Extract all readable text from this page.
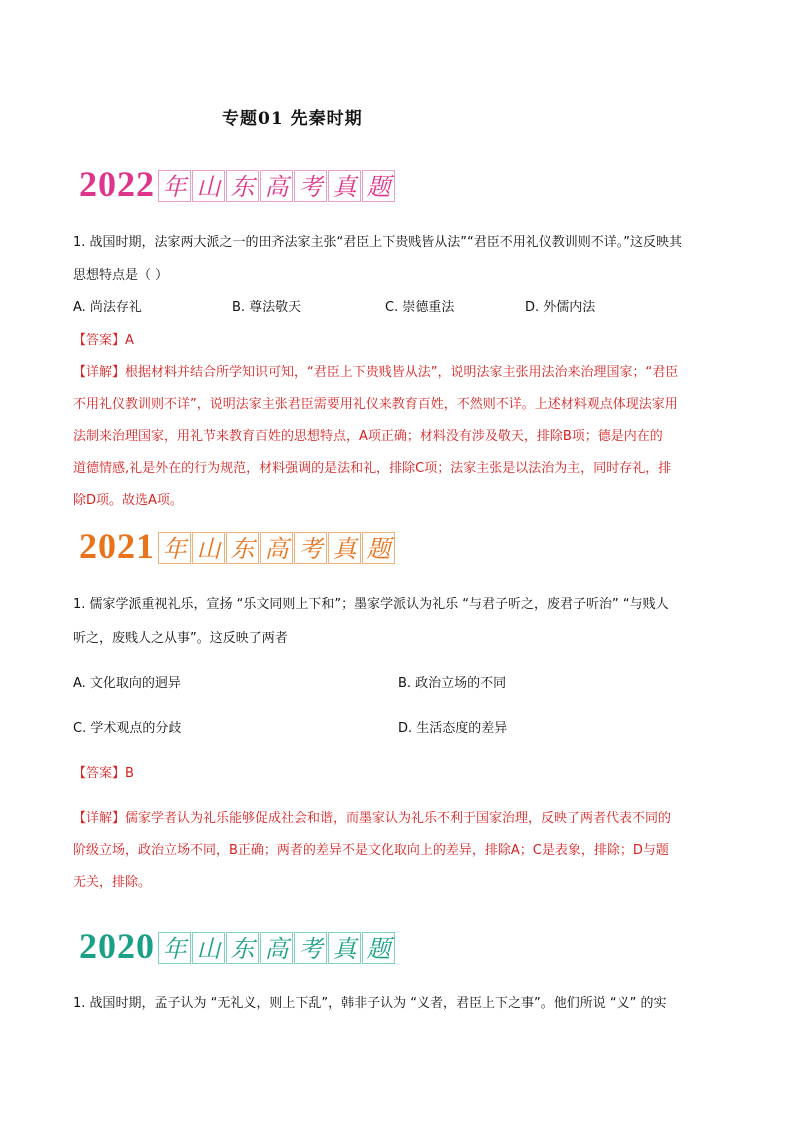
专题01 先秦时期
2022 年 山 东 高 考 真 题
1. 战国时期，法家两大派之一的田齐法家主张“君臣上下贵贱皆从法”“君臣不用礼仪教训则不详。”这反映其
思想特点是（ ）
A. 尚法存礼	B. 尊法敬天	C. 崇德重法	D. 外儒内法
【答案】A
【详解】根据材料并结合所学知识可知，“君臣上下贵贱皆从法”，说明法家主张用法治来治理国家；“君臣
不用礼仪教训则不详”，说明法家主张君臣需要用礼仪来教育百姓，不然则不详。上述材料观点体现法家用
法制来治理国家，用礼节来教育百姓的思想特点，A项正确；材料没有涉及敬天，排除B项；德是内在的
道德情感,礼是外在的行为规范，材料强调的是法和礼，排除C项；法家主张是以法治为主，同时存礼，排
除D项。故选A项。
2021 年 山 东 高 考 真 题
1. 儒家学派重视礼乐，宣扬 “乐文同则上下和”；墨家学派认为礼乐 “与君子听之，废君子听治” “与贱人
听之，废贱人之从事”。这反映了两者
A. 文化取向的迥异	B. 政治立场的不同
C. 学术观点的分歧	D. 生活态度的差异
【答案】B
【详解】儒家学者认为礼乐能够促成社会和谐，而墨家认为礼乐不利于国家治理，反映了两者代表不同的
阶级立场，政治立场不同，B正确；两者的差异不是文化取向上的差异，排除A；C是表象，排除；D与题
无关，排除。
2020 年 山 东 高 考 真 题
1. 战国时期，孟子认为 “无礼义，则上下乱”，韩非子认为 “义者，君臣上下之事”。他们所说 “义” 的实
